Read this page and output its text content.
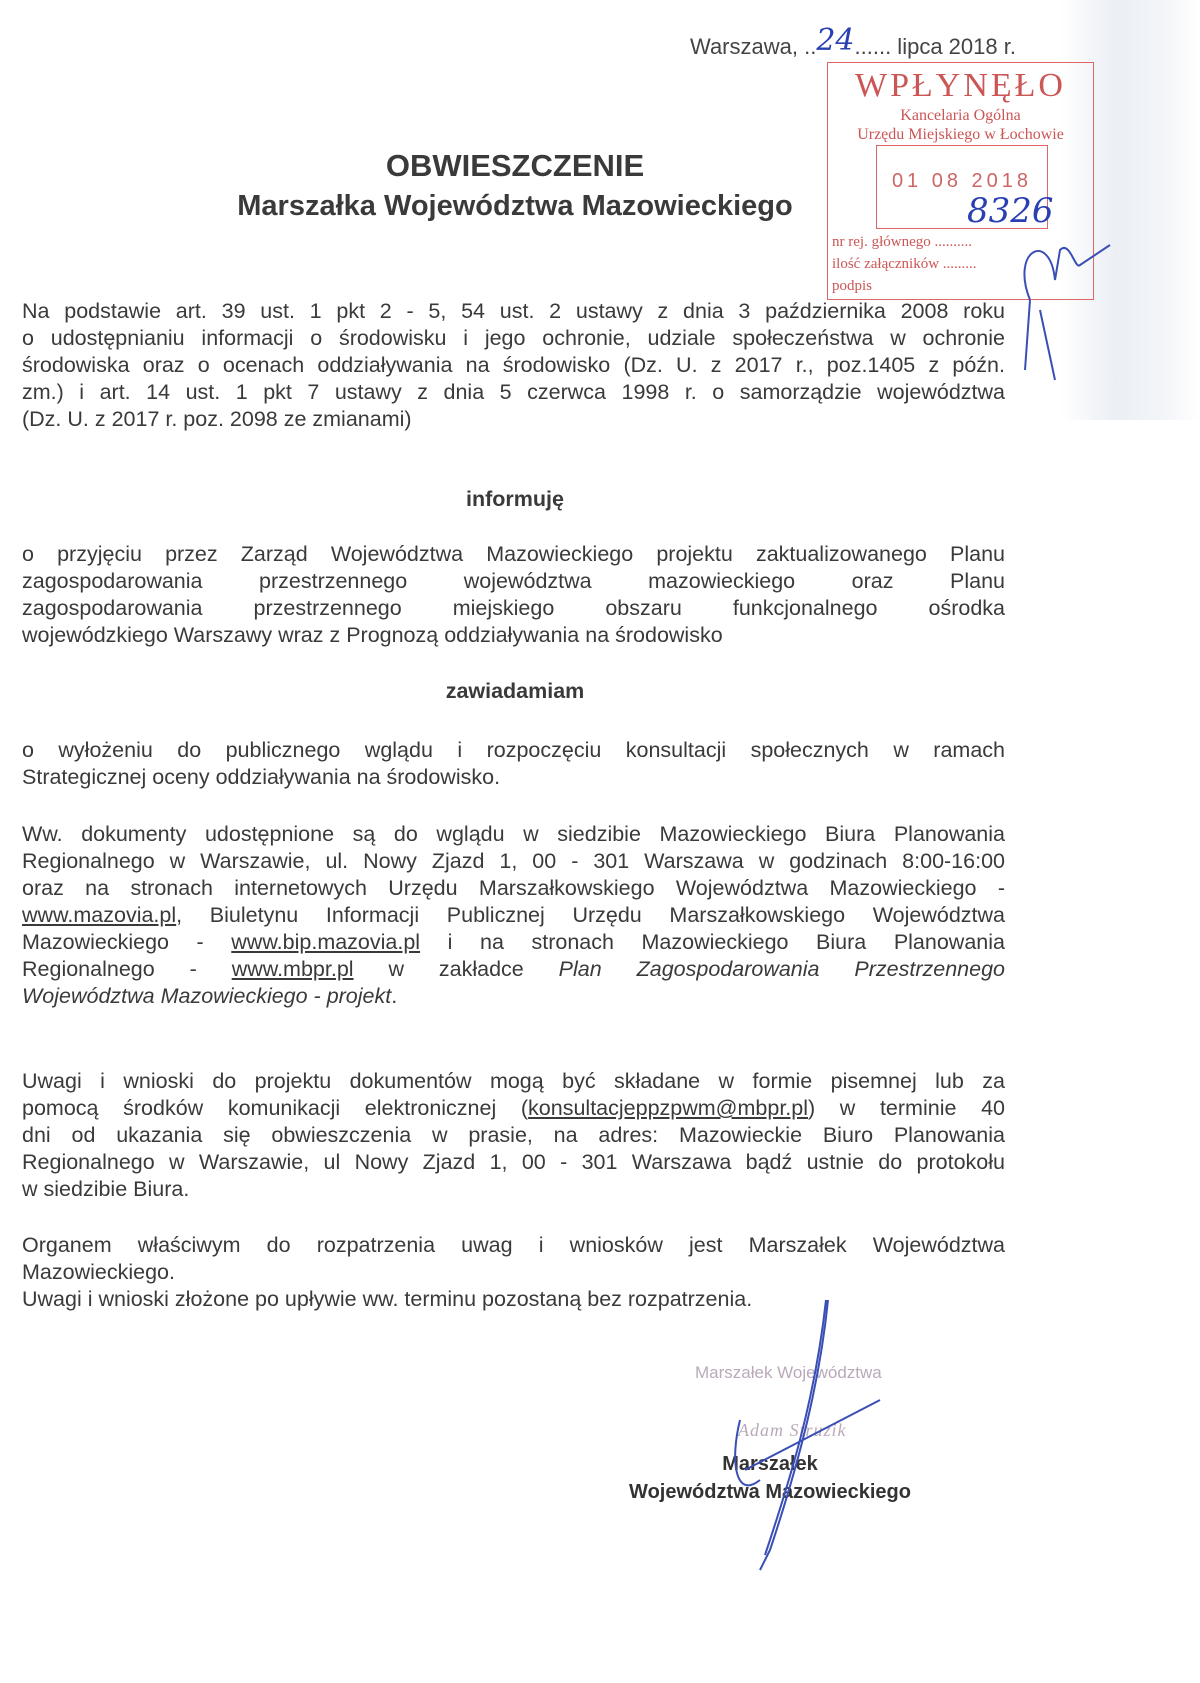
Warszawa, ..24...... lipca 2018 r.
OBWIESZCZENIE
Marszałka Województwa Mazowieckiego
WPŁYNĘŁO
Kancelaria Ogólna
Urzędu Miejskiego w Łochowie
01 08 2018
nr rej. głównego ..........
ilość załączników .........
podpis
8326
Na podstawie art. 39 ust. 1 pkt 2 - 5, 54 ust. 2 ustawy z dnia 3 października 2008 roku
o udostępnianiu informacji o środowisku i jego ochronie, udziale społeczeństwa w ochronie
środowiska oraz o ocenach oddziaływania na środowisko (Dz. U. z 2017 r., poz.1405 z późn.
zm.) i art. 14 ust. 1 pkt 7 ustawy z dnia 5 czerwca 1998 r. o samorządzie województwa
(Dz. U. z 2017 r. poz. 2098 ze zmianami)
informuję
o przyjęciu przez Zarząd Województwa Mazowieckiego projektu zaktualizowanego Planu
zagospodarowania przestrzennego województwa mazowieckiego oraz Planu
zagospodarowania przestrzennego miejskiego obszaru funkcjonalnego ośrodka
wojewódzkiego Warszawy wraz z Prognozą oddziaływania na środowisko
zawiadamiam
o wyłożeniu do publicznego wglądu i rozpoczęciu konsultacji społecznych w ramach
Strategicznej oceny oddziaływania na środowisko.
Ww. dokumenty udostępnione są do wglądu w siedzibie Mazowieckiego Biura Planowania
Regionalnego w Warszawie, ul. Nowy Zjazd 1, 00 - 301 Warszawa w godzinach 8:00-16:00
oraz na stronach internetowych Urzędu Marszałkowskiego Województwa Mazowieckiego -
www.mazovia.pl, Biuletynu Informacji Publicznej Urzędu Marszałkowskiego Województwa
Mazowieckiego - www.bip.mazovia.pl i na stronach Mazowieckiego Biura Planowania
Regionalnego - www.mbpr.pl w zakładce Plan Zagospodarowania Przestrzennego
Województwa Mazowieckiego - projekt.
Uwagi i wnioski do projektu dokumentów mogą być składane w formie pisemnej lub za
pomocą środków komunikacji elektronicznej (konsultacjeppzpwm@mbpr.pl) w terminie 40
dni od ukazania się obwieszczenia w prasie, na adres: Mazowieckie Biuro Planowania
Regionalnego w Warszawie, ul Nowy Zjazd 1, 00 - 301 Warszawa bądź ustnie do protokołu
w siedzibie Biura.
Organem właściwym do rozpatrzenia uwag i wniosków jest Marszałek Województwa
Mazowieckiego.
Uwagi i wnioski złożone po upływie ww. terminu pozostaną bez rozpatrzenia.
Marszałek Województwa
Adam Struzik
Marszałek
Województwa Mazowieckiego
